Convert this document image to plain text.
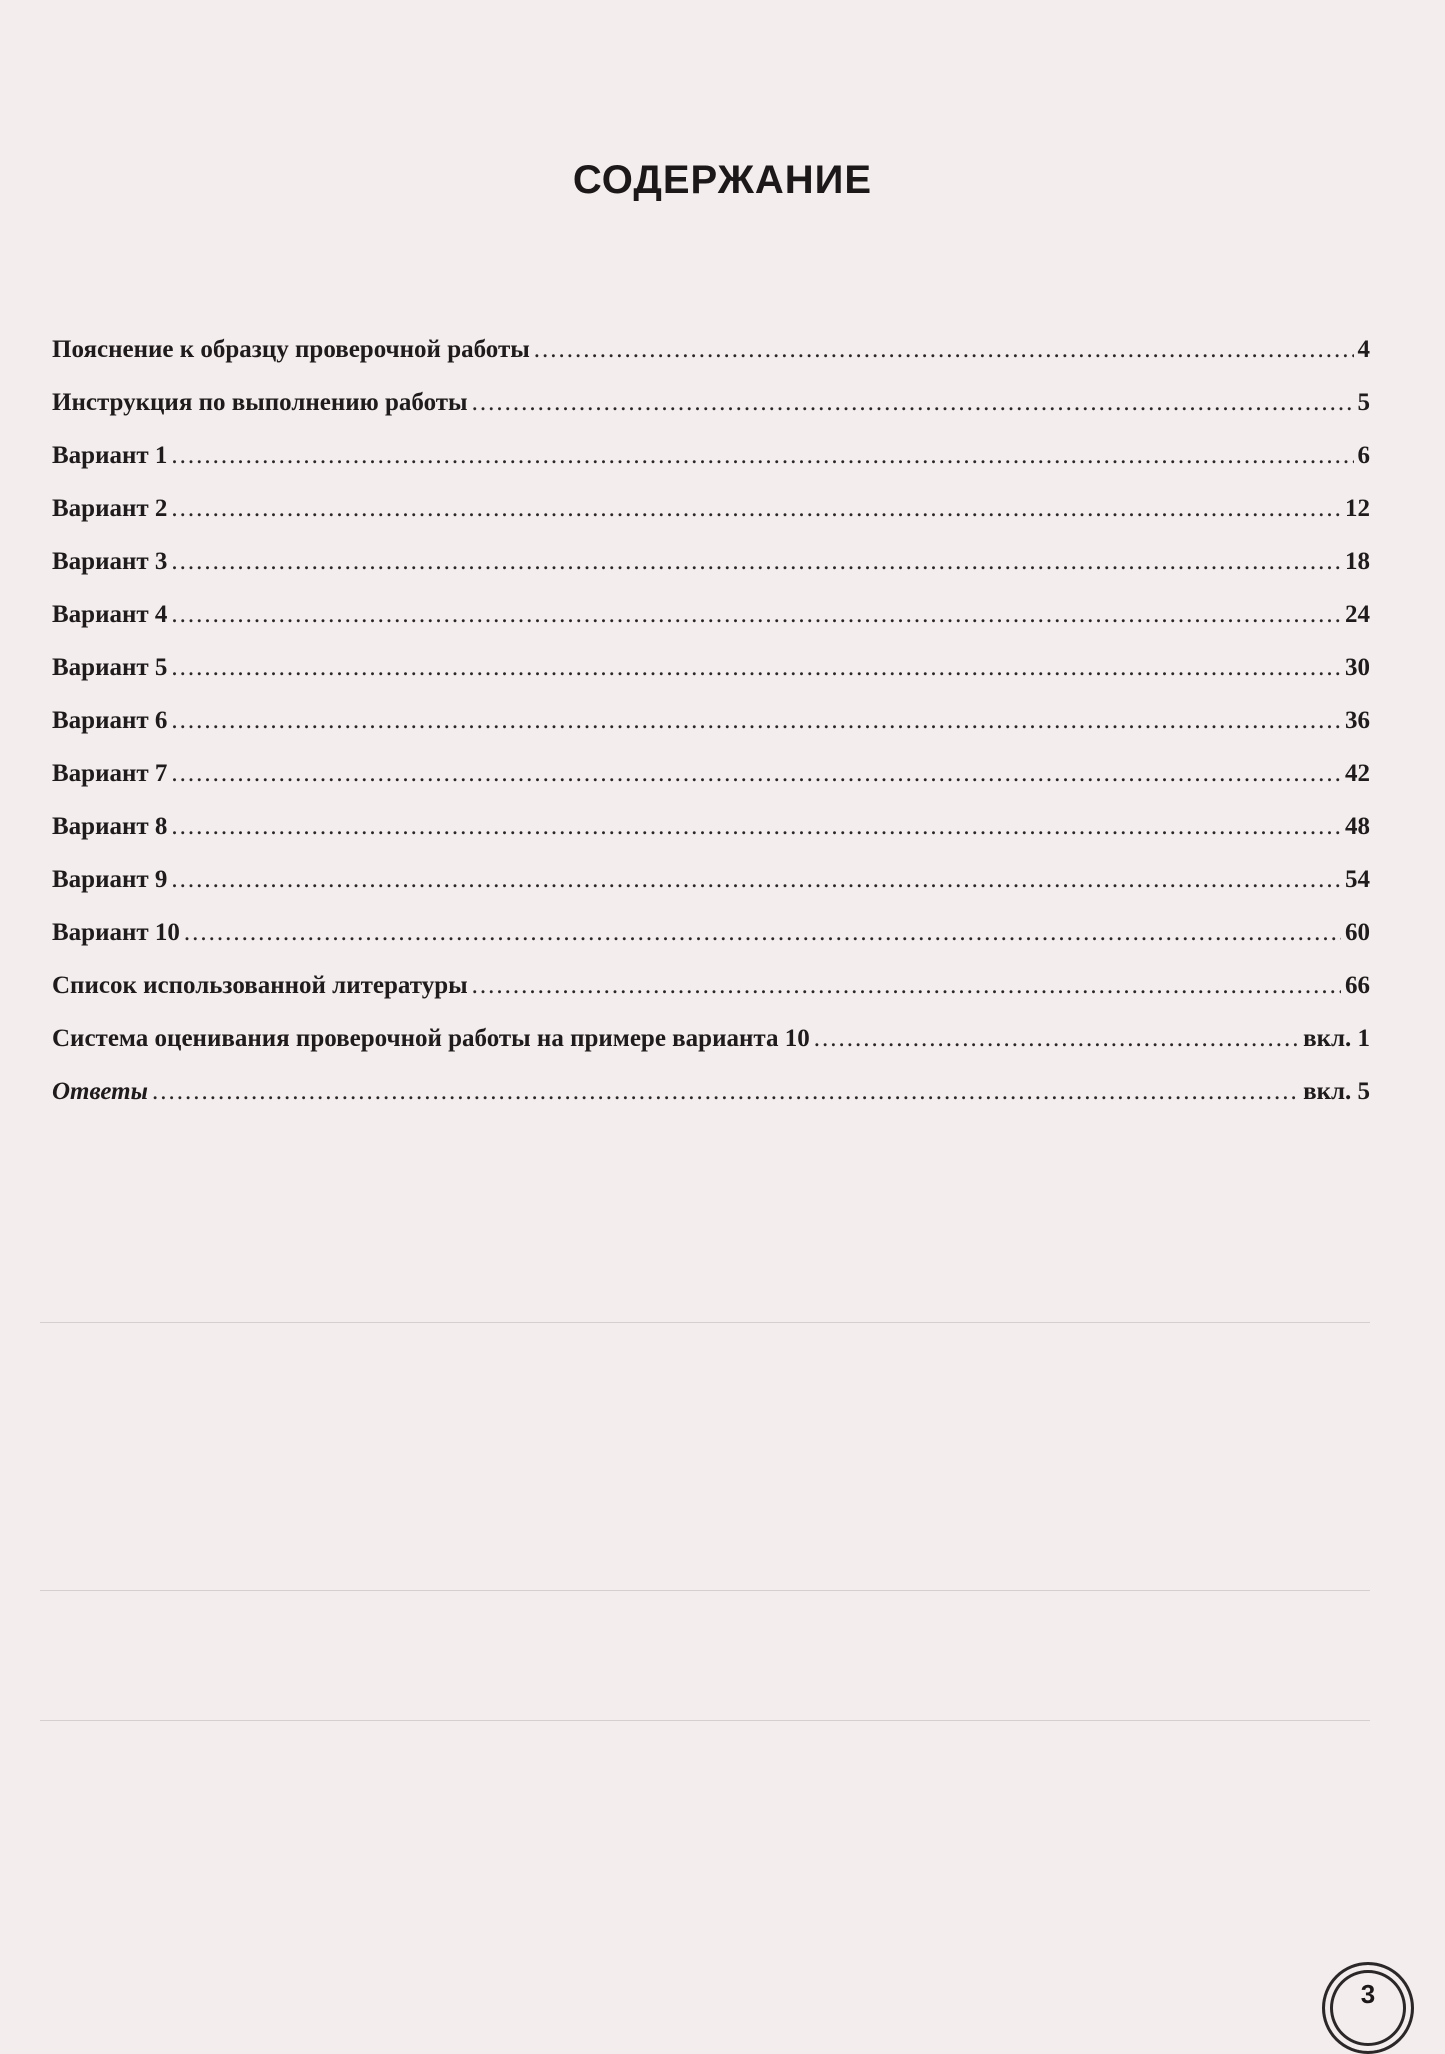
СОДЕРЖАНИЕ
Пояснение к образцу проверочной работы .....	4
Инструкция по выполнению работы .....	5
Вариант 1 .....	6
Вариант 2 .....	12
Вариант 3 .....	18
Вариант 4 .....	24
Вариант 5 .....	30
Вариант 6 .....	36
Вариант 7 .....	42
Вариант 8 .....	48
Вариант 9 .....	54
Вариант 10 .....	60
Список использованной литературы .....	66
Система оценивания проверочной работы на примере варианта 10 .....	вкл. 1
Ответы .....	вкл. 5
3
